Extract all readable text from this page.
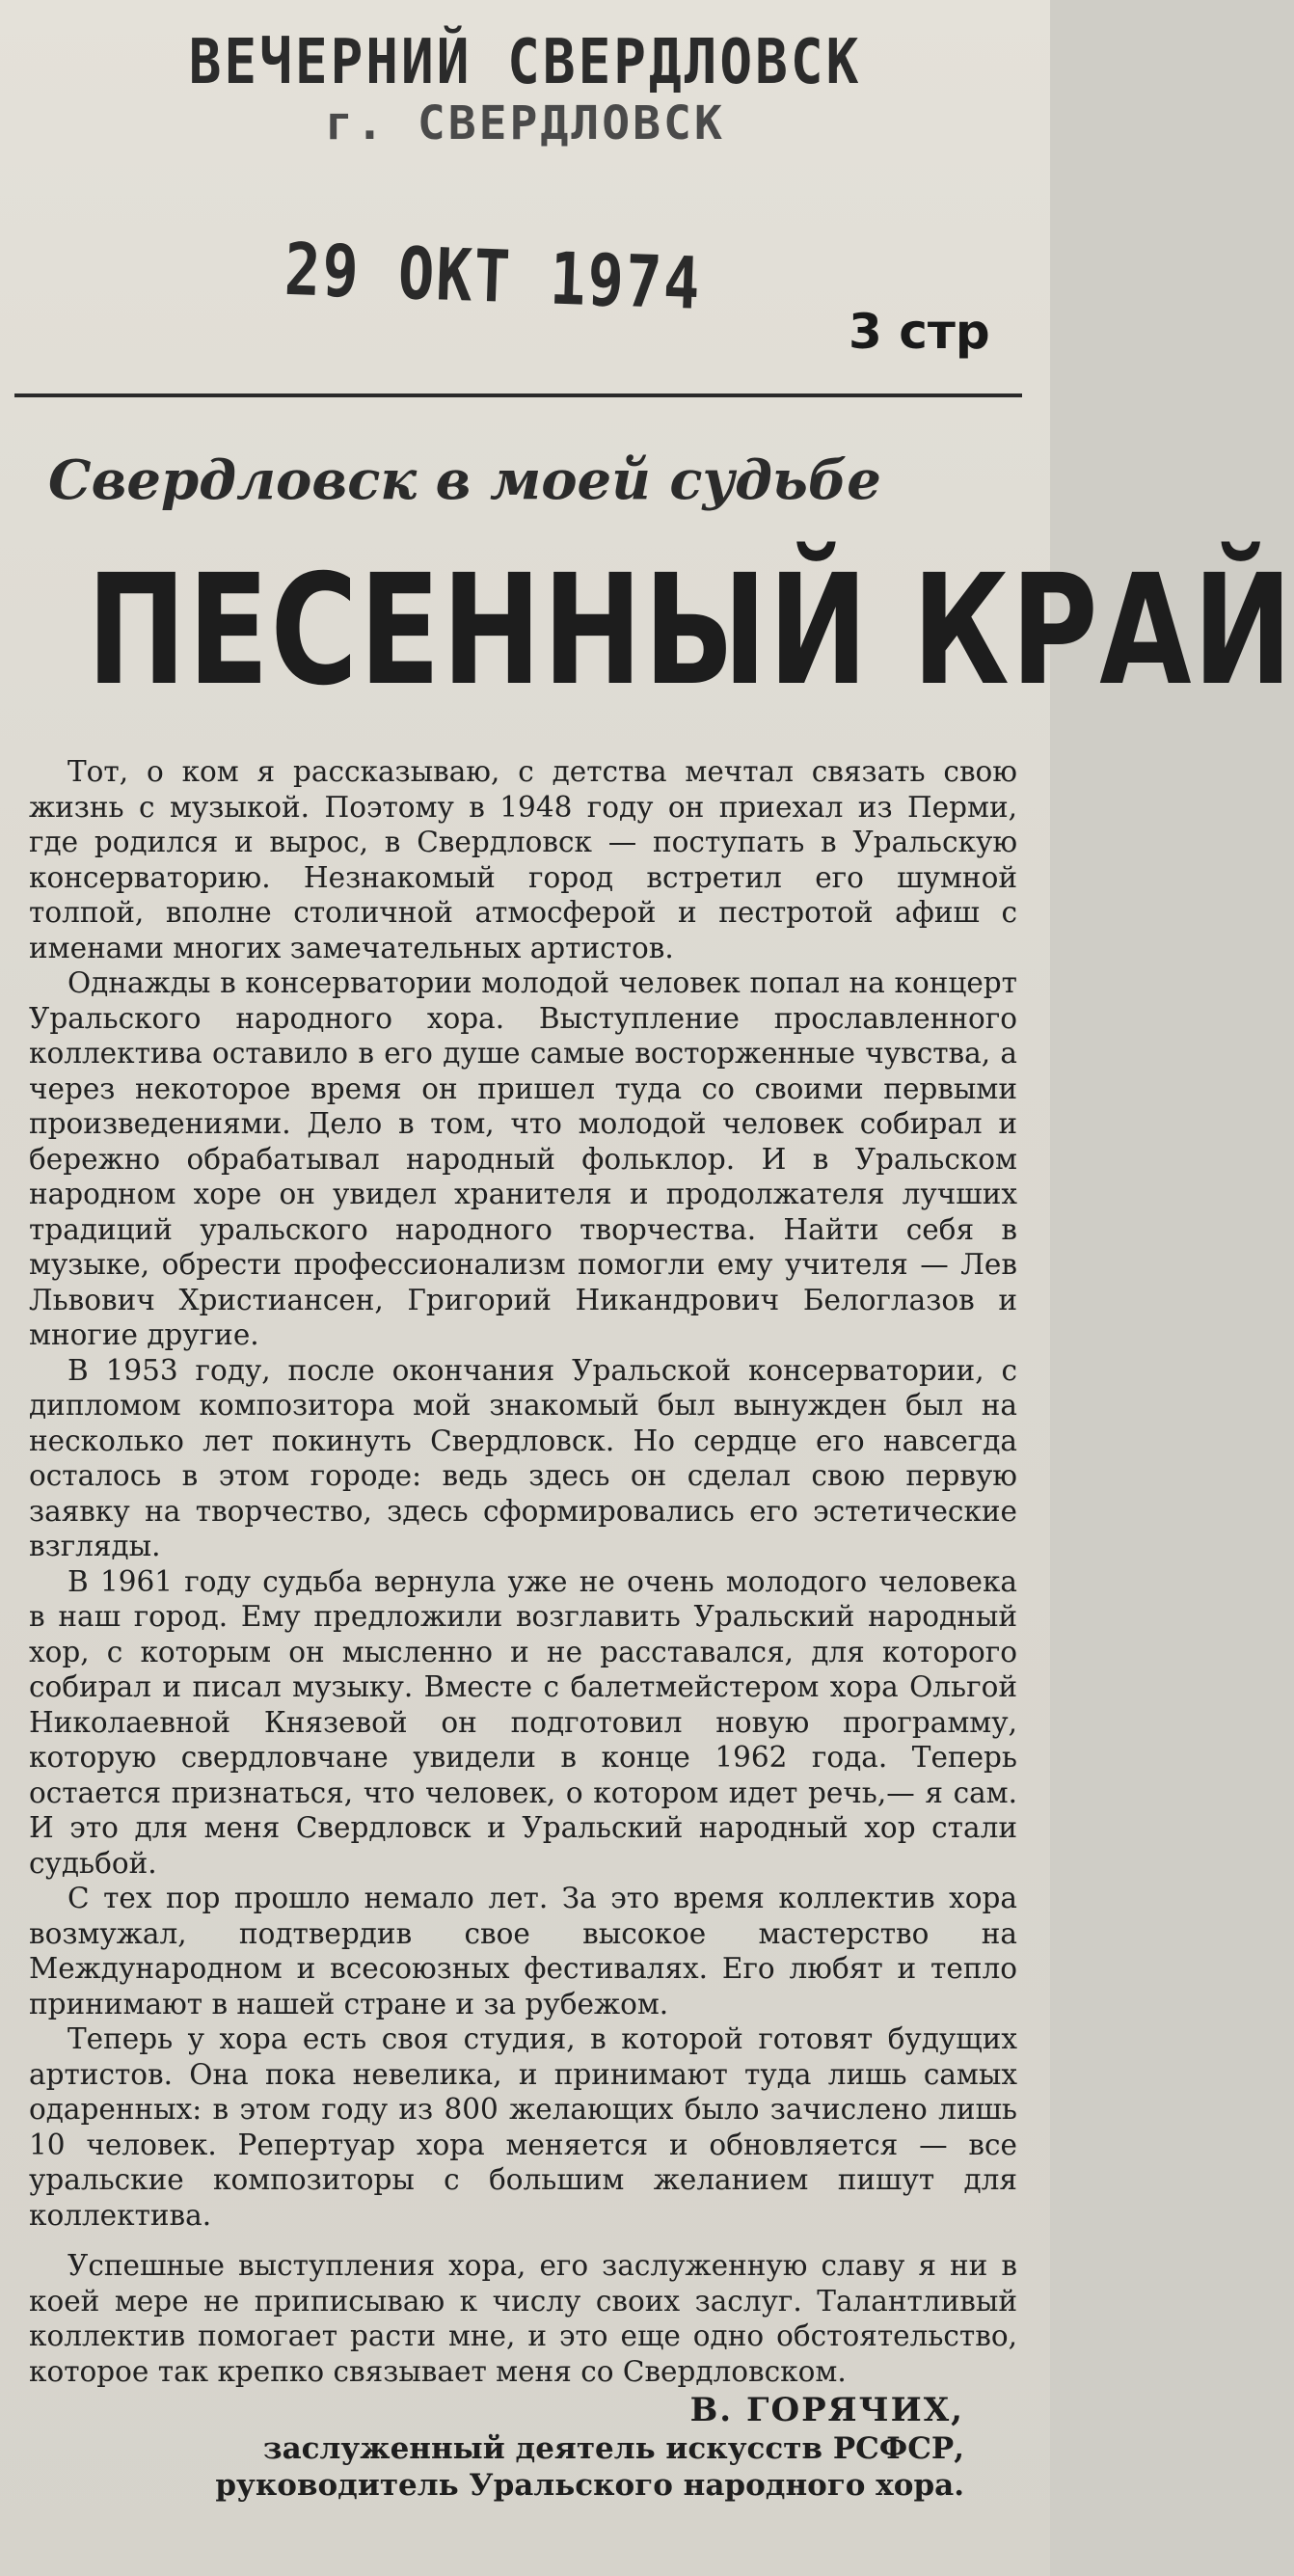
ВЕЧЕРНИЙ СВЕРДЛОВСК
г. СВЕРДЛОВСК
29 ОКТ 1974
3 стр
Свердловск в моей судьбе
ПЕСЕННЫЙ КРАЙ

Тот, о ком я рассказываю, с детства мечтал связать свою жизнь с музыкой. Поэтому в 1948 году он приехал из Перми, где родился и вырос, в Свердловск — поступать в Уральскую консерваторию. Незнакомый город встретил его шумной толпой, вполне столичной атмосферой и пестротой афиш с именами многих замечательных артистов.

Однажды в консерватории молодой человек попал на концерт Уральского народного хора. Выступление прославленного коллектива оставило в его душе самые восторженные чувства, а через некоторое время он пришел туда со своими первыми произведениями. Дело в том, что молодой человек собирал и бережно обрабатывал народный фольклор. И в Уральском народном хоре он увидел хранителя и продолжателя лучших традиций уральского народного творчества. Найти себя в музыке, обрести профессионализм помогли ему учителя — Лев Львович Христиансен, Григорий Никандрович Белоглазов и многие другие.

В 1953 году, после окончания Уральской консерватории, с дипломом композитора мой знакомый был вынужден был на несколько лет покинуть Свердловск. Но сердце его навсегда осталось в этом городе: ведь здесь он сделал свою первую заявку на творчество, здесь сформировались его эстетические взгляды.

В 1961 году судьба вернула уже не очень молодого человека в наш город. Ему предложили возглавить Уральский народный хор, с которым он мысленно и не расставался, для которого собирал и писал музыку. Вместе с балетмейстером хора Ольгой Николаевной Князевой он подготовил новую программу, которую свердловчане увидели в конце 1962 года. Теперь остается признаться, что человек, о котором идет речь,— я сам. И это для меня Свердловск и Уральский народный хор стали судьбой.

С тех пор прошло немало лет. За это время коллектив хора возмужал, подтвердив свое высокое мастерство на Международном и всесоюзных фестивалях. Его любят и тепло принимают в нашей стране и за рубежом.

Теперь у хора есть своя студия, в которой готовят будущих артистов. Она пока невелика, и принимают туда лишь самых одаренных: в этом году из 800 желающих было зачислено лишь 10 человек. Репертуар хора меняется и обновляется — все уральские композиторы с большим желанием пишут для коллектива.

Успешные выступления хора, его заслуженную славу я ни в коей мере не приписываю к числу своих заслуг. Талантливый коллектив помогает расти мне, и это еще одно обстоятельство, которое так крепко связывает меня со Свердловском.

В. ГОРЯЧИХ,
заслуженный деятель искусств РСФСР,
руководитель Уральского народного хора.
